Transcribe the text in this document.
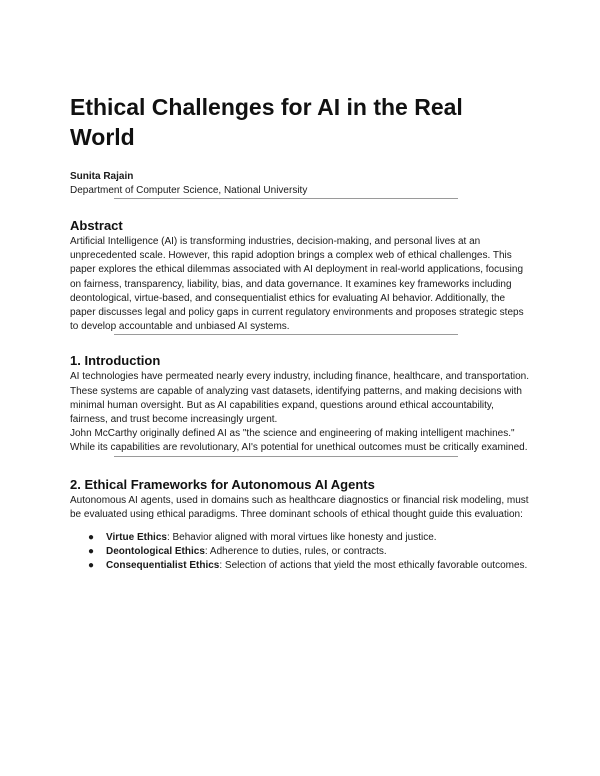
Ethical Challenges for AI in the Real World
Sunita Rajain
Department of Computer Science, National University
Abstract

Artificial Intelligence (AI) is transforming industries, decision-making, and personal lives at an unprecedented scale. However, this rapid adoption brings a complex web of ethical challenges. This paper explores the ethical dilemmas associated with AI deployment in real-world applications, focusing on fairness, transparency, liability, bias, and data governance. It examines key frameworks including deontological, virtue-based, and consequentialist ethics for evaluating AI behavior. Additionally, the paper discusses legal and policy gaps in current regulatory environments and proposes strategic steps to develop accountable and unbiased AI systems.

1. Introduction

AI technologies have permeated nearly every industry, including finance, healthcare, and transportation. These systems are capable of analyzing vast datasets, identifying patterns, and making decisions with minimal human oversight. But as AI capabilities expand, questions around ethical accountability, fairness, and trust become increasingly urgent.

John McCarthy originally defined AI as "the science and engineering of making intelligent machines." While its capabilities are revolutionary, AI's potential for unethical outcomes must be critically examined.

2. Ethical Frameworks for Autonomous AI Agents

Autonomous AI agents, used in domains such as healthcare diagnostics or financial risk modeling, must be evaluated using ethical paradigms. Three dominant schools of ethical thought guide this evaluation:

● Virtue Ethics: Behavior aligned with moral virtues like honesty and justice.
● Deontological Ethics: Adherence to duties, rules, or contracts.
● Consequentialist Ethics: Selection of actions that yield the most ethically favorable outcomes.
